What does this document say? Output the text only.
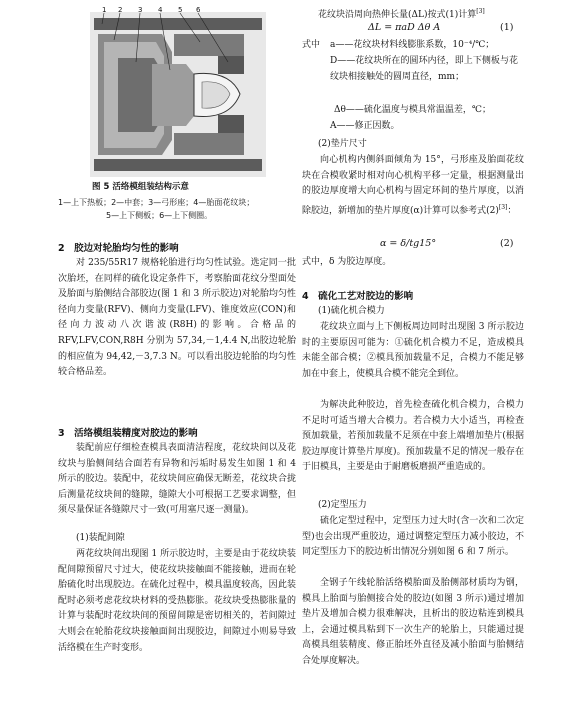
1 2 3 4 5 6

图 5 活络模组装结构示意

1—上下热板；2—中套；3—弓形座；4—胎面花纹块；

5—上下侧板；6—上下侧圈。

2　胶边对轮胎均匀性的影响

对 235/55R17 规格轮胎进行均匀性试验。选定同一批次胎坯，在同样的硫化设定条件下，考察胎面花纹分型面处及胎面与胎侧结合部胶边(图 1 和 3 所示胶边)对轮胎均匀性径向力变量(RFV)、侧向力变量(LFV)、锥度效应(CON)和径向力波动八次谐波(R8H)的影响。合格品的 RFV,LFV,CON,R8H 分别为 57,34,－1,4.4 N,出胶边轮胎的相应值为 94,42,－3,7.3 N。可以看出胶边轮胎的均匀性较合格品差。

3　活络模组装精度对胶边的影响

装配前应仔细检查模具表面清洁程度，花纹块间以及花纹块与胎侧间结合面若有异物和污垢时易发生如图 1 和 4 所示的胶边。装配中，花纹块间应确保无断差，花纹块合拢后测量花纹块间的缝隙，缝隙大小可根据工艺要求调整，但须尽量保证各缝隙尺寸一致(可用塞尺逐一测量)。

(1)装配间隙

两花纹块间出现图 1 所示胶边时，主要是由于花纹块装配间隙预留尺寸过大，使花纹块接触面不能接触，进而在轮胎硫化时出现胶边。在硫化过程中，模具温度较高，因此装配时必须考虑花纹块材料的受热膨胀。花纹块受热膨胀量的计算与装配时花纹块间的预留间隙是密切相关的，若间隙过大则会在轮胎花纹块接触面间出现胶边，间隙过小则易导致活络模在生产时变形。

花纹块沿周向热伸长量(ΔL)按式(1)计算[3]

ΔL = πaD Δθ A	(1)

式中 a——花纹块材料线膨胀系数，10⁻⁴/℃；

D——花纹块所在的圆环内径，即上下侧板与花纹块相接触处的圆周直径，mm；

Δθ——硫化温度与模具常温温差，℃；

A——修正因数。

(2)垫片尺寸

向心机构内侧斜面倾角为 15°，弓形座及胎面花纹块在合模收紧时相对向心机构平移一定量，根据测量出的胶边厚度增大向心机构与固定环间的垫片厚度，以消除胶边，新增加的垫片厚度(α)计算可以参考式(2)[3]：

α = δ/tg15°	(2)

式中，δ 为胶边厚度。

4　硫化工艺对胶边的影响

(1)硫化机合模力

花纹块立面与上下侧板周边同时出现图 3 所示胶边时的主要原因可能为：①硫化机合模力不足，造成模具未能全部合模；②模具预加载量不足，合模力不能足够加在中套上，使模具合模不能完全到位。

为解决此种胶边，首先检查硫化机合模力，合模力不足时可适当增大合模力。若合模力大小适当，再检查预加载量，若预加载量不足须在中套上端增加垫片(根据胶边厚度计算垫片厚度)。预加载量不足的情况一般存在于旧模具，主要是由于耐磨板磨损严重造成的。

(2)定型压力

硫化定型过程中，定型压力过大时(含一次和二次定型)也会出现严重胶边，通过调整定型压力减小胶边，不同定型压力下的胶边析出情况分别如图 6 和 7 所示。

全钢子午线轮胎活络模胎面及胎侧部材质均为钢，模具上胎面与胎侧接合处的胶边(如图 3 所示)通过增加垫片及增加合模力很难解决，且析出的胶边粘连到模具上，会通过模具粘到下一次生产的轮胎上，只能通过提高模具组装精度、修正胎坯外直径及减小胎面与胎侧结合处厚度解决。
